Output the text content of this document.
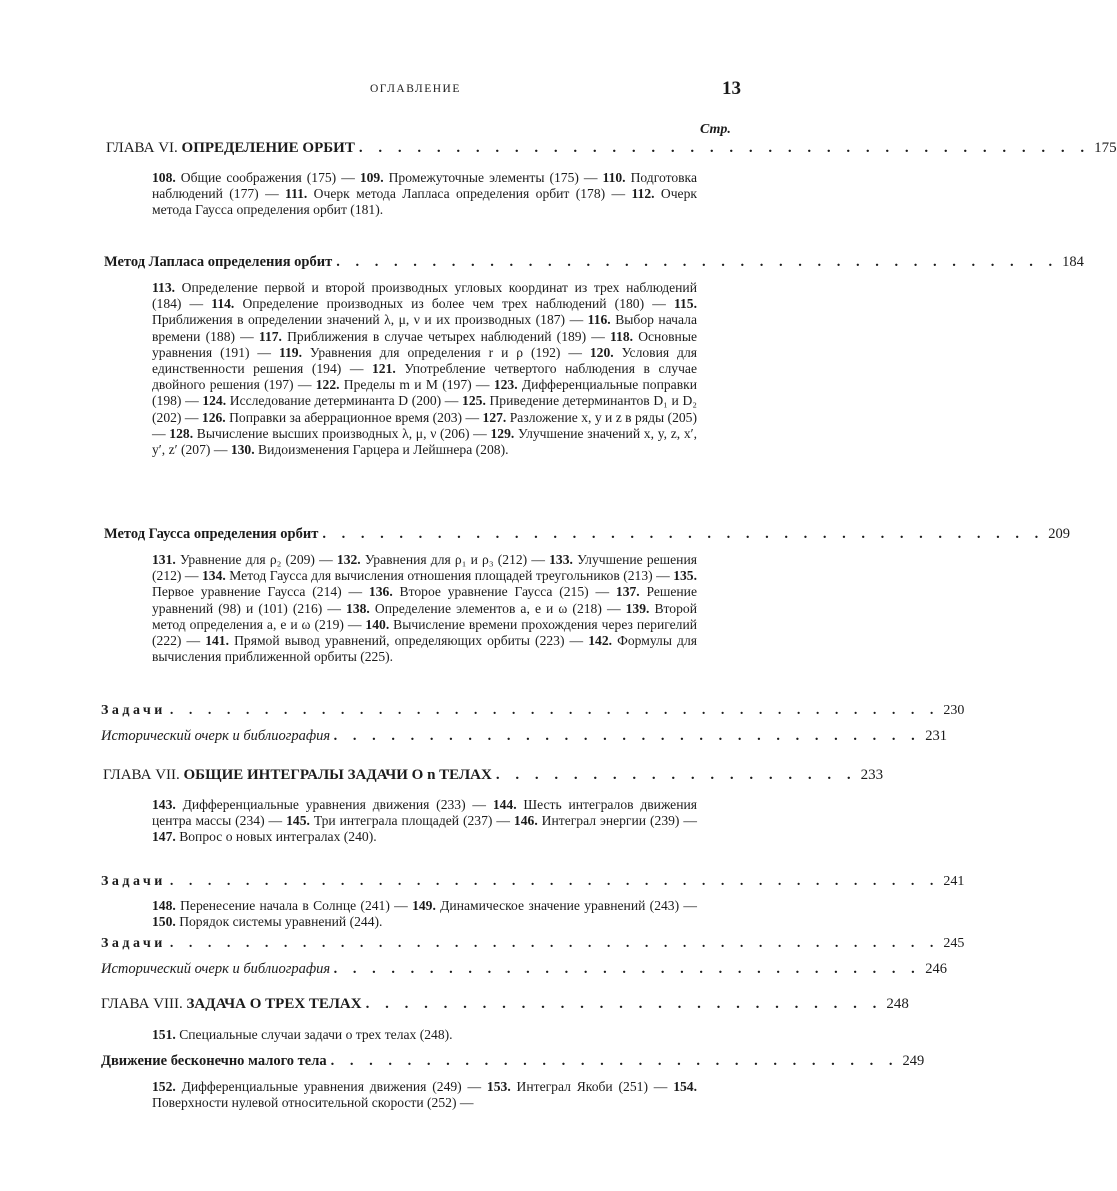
ОГЛАВЛЕНИЕ	13
Стр.
ГЛАВА VI. ОПРЕДЕЛЕНИЕ ОРБИТ . . . . . . . . . . . . . . . . . . . . . . . . . . . . . . . . . . . . . . 175
108. Общие соображения (175) — 109. Промежуточные элементы (175) — 110. Подготовка наблюдений (177) — 111. Очерк метода Лапласа определения орбит (178) — 112. Очерк метода Гаусса определения орбит (181).
Метод Лапласа определения орбит . . . . . . . . . . . . . . . . . . . . . . . . . . . . . . . . . . . . . . 184
113. Определение первой и второй производных угловых координат из трех наблюдений (184) — 114. Определение производных из более чем трех наблюдений (180) — 115. Приближения в определении значений λ, μ, ν и их производных (187) — 116. Выбор начала времени (188) — 117. Приближения в случае четырех наблюдений (189) — 118. Основные уравнения (191) — 119. Уравнения для определения r и ρ (192) — 120. Условия для единственности решения (194) — 121. Употребление четвертого наблюдения в случае двойного решения (197) — 122. Пределы m и M (197) — 123. Дифференциальные поправки (198) — 124. Исследование детерминанта D (200) — 125. Приведение детерминантов D₁ и D₂ (202) — 126. Поправки за аберрационное время (203) — 127. Разложение x, y и z в ряды (205) — 128. Вычисление высших производных λ, μ, ν (206) — 129. Улучшение значений x, y, z, x′, y′, z′ (207) — 130. Видоизменения Гарцера и Лейшнера (208).
Метод Гаусса определения орбит . . . . . . . . . . . . . . . . . . . . . . . . . . . . . . . . . . . . . . 209
131. Уравнение для ρ₂ (209) — 132. Уравнения для ρ₁ и ρ₃ (212) — 133. Улучшение решения (212) — 134. Метод Гаусса для вычисления отношения площадей треугольников (213) — 135. Первое уравнение Гаусса (214) — 136. Второе уравнение Гаусса (215) — 137. Решение уравнений (98) и (101) (216) — 138. Определение элементов a, e и ω (218) — 139. Второй метод определения a, e и ω (219) — 140. Вычисление времени прохождения через перигелий (222) — 141. Прямой вывод уравнений, определяющих орбиты (223) — 142. Формулы для вычисления приближенной орбиты (225).
Задачи . . . . . . . . . . . . . . . . . . . . . . . . . . . . . . . . . . . . . . . . . 230
Исторический очерк и библиография . . . . . . . . . . . . . . . . . . . . . . . . . . . . . . . 231
ГЛАВА VII. ОБЩИЕ ИНТЕГРАЛЫ ЗАДАЧИ О n ТЕЛАХ . . . . . . . . . . . . . . . . . . . 233
143. Дифференциальные уравнения движения (233) — 144. Шесть интегралов движения центра массы (234) — 145. Три интеграла площадей (237) — 146. Интеграл энергии (239) — 147. Вопрос о новых интегралах (240).
Задачи . . . . . . . . . . . . . . . . . . . . . . . . . . . . . . . . . . . . . . . . . 241
148. Перенесение начала в Солнце (241) — 149. Динамическое значение уравнений (243) — 150. Порядок системы уравнений (244).
Задачи . . . . . . . . . . . . . . . . . . . . . . . . . . . . . . . . . . . . . . . . . 245
Исторический очерк и библиография . . . . . . . . . . . . . . . . . . . . . . . . . . . . . . . 246
ГЛАВА VIII. ЗАДАЧА О ТРЕХ ТЕЛАХ . . . . . . . . . . . . . . . . . . . . . . . . . . . 248
151. Специальные случаи задачи о трех телах (248).
Движение бесконечно малого тела . . . . . . . . . . . . . . . . . . . . . . . . . . . . . . 249
152. Дифференциальные уравнения движения (249) — 153. Интеграл Якоби (251) — 154. Поверхности нулевой относительной скорости (252) —
